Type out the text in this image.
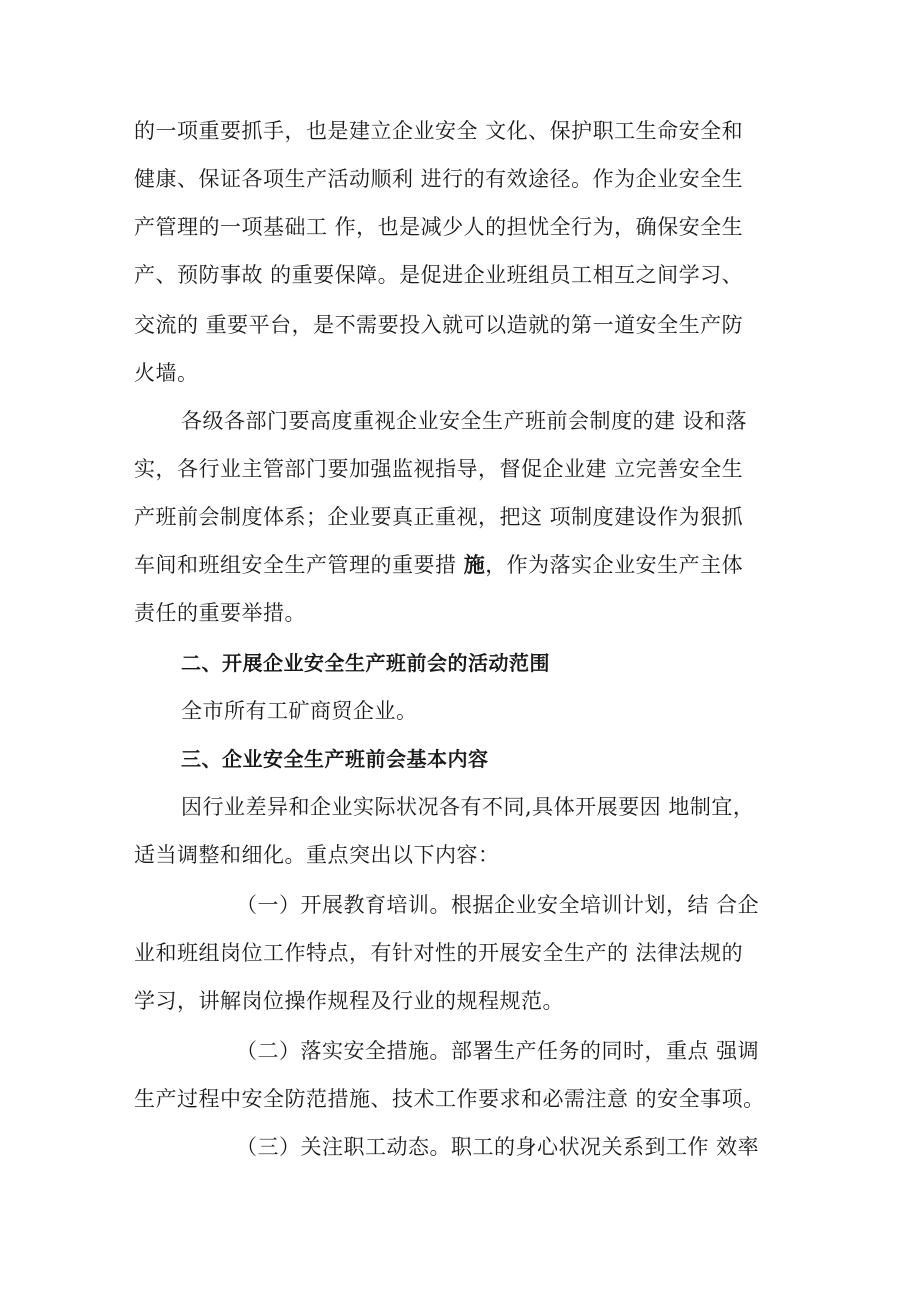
的一项重要抓手，也是建立企业安全 文化、保护职工生命安全和
健康、保证各项生产活动顺利 进行的有效途径。作为企业安全生
产管理的一项基础工 作，也是减少人的担忧全行为，确保安全生
产、预防事故 的重要保障。是促进企业班组员工相互之间学习、
交流的 重要平台，是不需要投入就可以造就的第一道安全生产防
火墙。
各级各部门要高度重视企业安全生产班前会制度的建 设和落
实，各行业主管部门要加强监视指导，督促企业建 立完善安全生
产班前会制度体系；企业要真正重视，把这 项制度建设作为狠抓
车间和班组安全生产管理的重要措 施，作为落实企业安生产主体
责任的重要举措。
二、开展企业安全生产班前会的活动范围
全市所有工矿商贸企业。
三、企业安全生产班前会基本内容
因行业差异和企业实际状况各有不同,具体开展要因 地制宜，
适当调整和细化。重点突出以下内容：
（一）开展教育培训。根据企业安全培训计划，结 合企
业和班组岗位工作特点，有针对性的开展安全生产的 法律法规的
学习，讲解岗位操作规程及行业的规程规范。
（二）落实安全措施。部署生产任务的同时，重点 强调
生产过程中安全防范措施、技术工作要求和必需注意 的安全事项。
（三）关注职工动态。职工的身心状况关系到工作 效率
